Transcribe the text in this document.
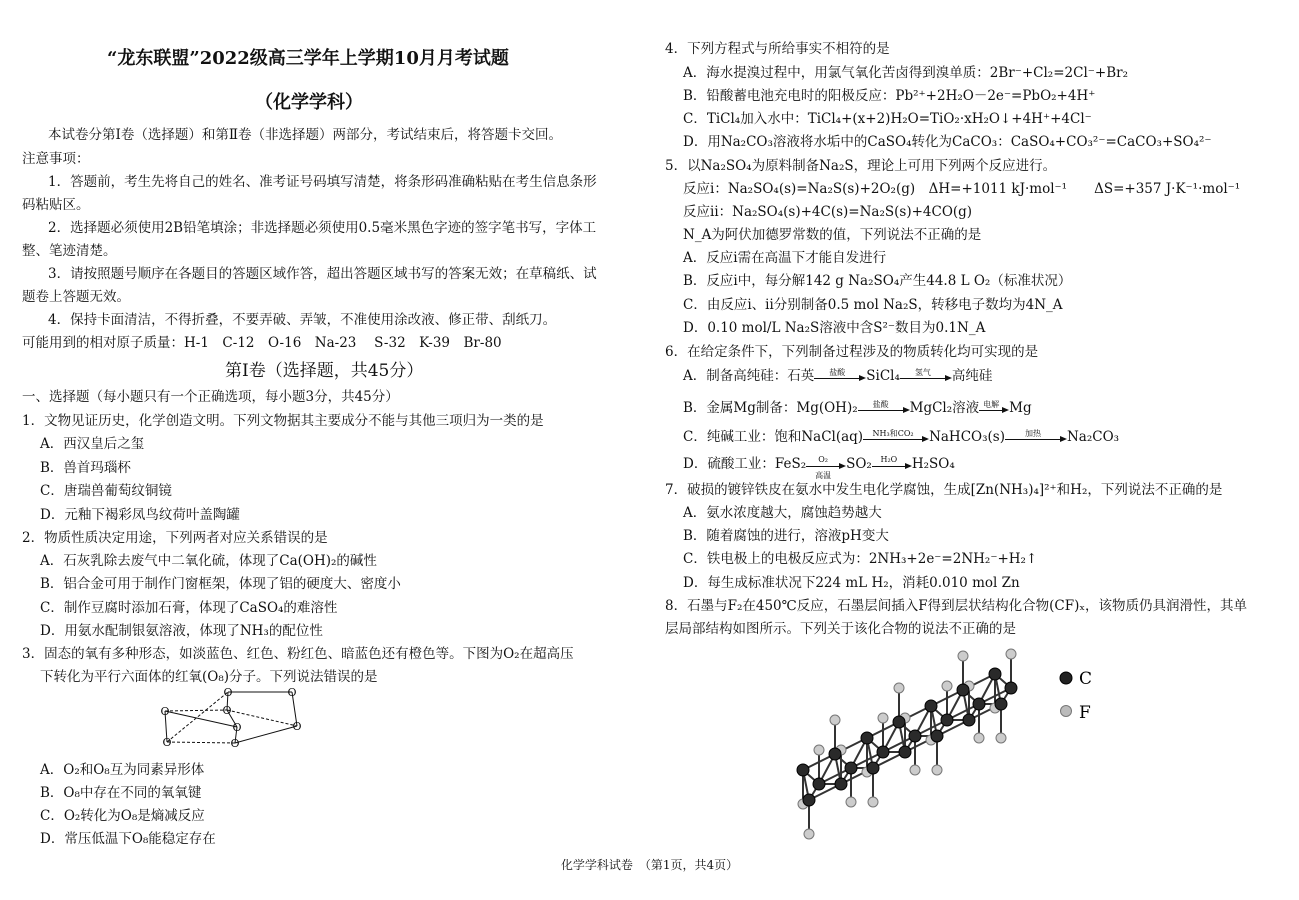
“龙东联盟”2022级高三学年上学期10月月考试题
（化学学科）
本试卷分第Ⅰ卷（选择题）和第Ⅱ卷（非选择题）两部分，考试结束后，将答题卡交回。
注意事项：
1．答题前，考生先将自己的姓名、准考证号码填写清楚，将条形码准确粘贴在考生信息条形
码粘贴区。
2．选择题必须使用2B铅笔填涂；非选择题必须使用0.5毫米黑色字迹的签字笔书写，字体工
整、笔迹清楚。
3．请按照题号顺序在各题目的答题区域作答，超出答题区域书写的答案无效；在草稿纸、试
题卷上答题无效。
4．保持卡面清洁，不得折叠，不要弄破、弄皱，不准使用涂改液、修正带、刮纸刀。
可能用到的相对原子质量：H-1　C-12　O-16　Na-23　 S-32　K-39　Br-80
第Ⅰ卷（选择题，共45分）
一、选择题（每小题只有一个正确选项，每小题3分，共45分）
1．文物见证历史，化学创造文明。下列文物据其主要成分不能与其他三项归为一类的是
A．西汉皇后之玺
B．兽首玛瑙杯
C．唐瑞兽葡萄纹铜镜
D．元釉下褐彩凤鸟纹荷叶盖陶罐
2．物质性质决定用途，下列两者对应关系错误的是
A．石灰乳除去废气中二氧化硫，体现了Ca(OH)₂的碱性
B．铝合金可用于制作门窗框架，体现了铝的硬度大、密度小
C．制作豆腐时添加石膏，体现了CaSO₄的难溶性
D．用氨水配制银氨溶液，体现了NH₃的配位性
3．固态的氧有多种形态，如淡蓝色、红色、粉红色、暗蓝色还有橙色等。下图为O₂在超高压
下转化为平行六面体的红氧(O₈)分子。下列说法错误的是
O	O
O
O
O
O
O	O
A．O₂和O₈互为同素异形体
B．O₈中存在不同的氧氧键
C．O₂转化为O₈是熵减反应
D．常压低温下O₈能稳定存在
4．下列方程式与所给事实不相符的是
A．海水提溴过程中，用氯气氧化苦卤得到溴单质：2Br⁻+Cl₂=2Cl⁻+Br₂
B．铅酸蓄电池充电时的阳极反应：Pb²⁺+2H₂O－2e⁻=PbO₂+4H⁺
C．TiCl₄加入水中：TiCl₄+(x+2)H₂O=TiO₂·xH₂O↓+4H⁺+4Cl⁻
D．用Na₂CO₃溶液将水垢中的CaSO₄转化为CaCO₃：CaSO₄+CO₃²⁻=CaCO₃+SO₄²⁻
5．以Na₂SO₄为原料制备Na₂S，理论上可用下列两个反应进行。
反应ⅰ：Na₂SO₄(s)=Na₂S(s)+2O₂(g)　ΔH=+1011 kJ·mol⁻¹　　ΔS=+357 J·K⁻¹·mol⁻¹
反应ⅱ：Na₂SO₄(s)+4C(s)=Na₂S(s)+4CO(g)
N_A为阿伏加德罗常数的值，下列说法不正确的是
A．反应ⅰ需在高温下才能自发进行
B．反应ⅰ中，每分解142 g Na₂SO₄产生44.8 L O₂（标准状况）
C．由反应ⅰ、ⅱ分别制备0.5 mol Na₂S，转移电子数均为4N_A
D．0.10 mol/L Na₂S溶液中含S²⁻数目为0.1N_A
6．在给定条件下，下列制备过程涉及的物质转化均可实现的是
A．制备高纯硅：石英	盐酸	SiCl₄	氢气	高纯硅
B．金属Mg制备：Mg(OH)₂	盐酸	MgCl₂溶液 电解 Mg
C．纯碱工业：饱和NaCl(aq)	NH₃和CO₂	NaHCO₃(s)	加热	Na₂CO₃
D．硫酸工业：FeS₂	O₂
高温
SO₂	H₂O	H₂SO₄
7．破损的镀锌铁皮在氨水中发生电化学腐蚀，生成[Zn(NH₃)₄]²⁺和H₂，下列说法不正确的是
A．氨水浓度越大，腐蚀趋势越大
B．随着腐蚀的进行，溶液pH变大
C．铁电极上的电极反应式为：2NH₃+2e⁻=2NH₂⁻+H₂↑
D．每生成标准状况下224 mL H₂，消耗0.010 mol Zn
8．石墨与F₂在450℃反应，石墨层间插入F得到层状结构化合物(CF)ₓ，该物质仍具润滑性，其单
层局部结构如图所示。下列关于该化合物的说法不正确的是
C
F
化学学科试卷　（第1页，共4页）
